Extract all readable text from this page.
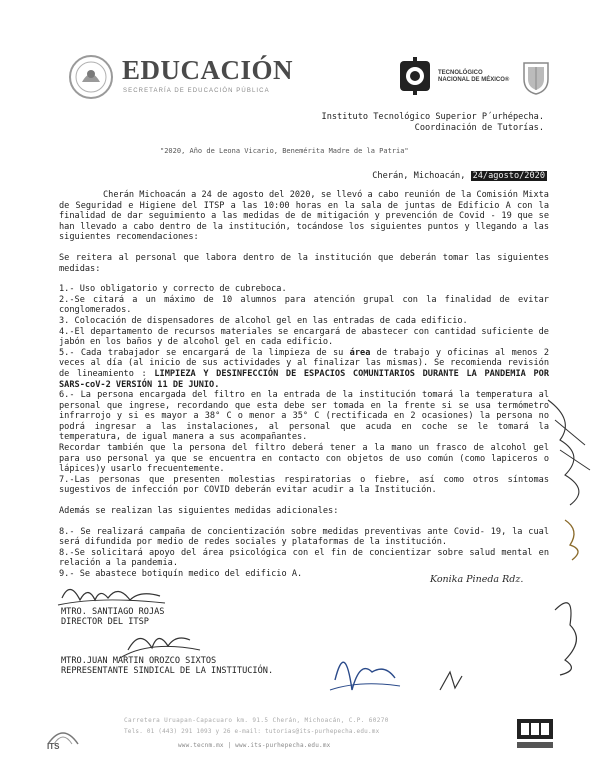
EDUCACIÓN
SECRETARÍA DE EDUCACIÓN PÚBLICA
TECNOLÓGICO
NACIONAL DE MÉXICO®
Instituto Tecnológico Superior P´urhépecha.
Coordinación de Tutorías.
"2020, Año de Leona Vicario, Benemérita Madre de la Patria"
Cherán, Michoacán, 24/agosto/2020

Cherán Michoacán a 24 de agosto del 2020, se llevó a cabo reunión de la Comisión Mixta de Seguridad e Higiene del ITSP a las 10:00 horas en la sala de juntas de Edificio A con la finalidad de dar seguimiento a las medidas de de mitigación y prevención de Covid - 19 que se han llevado a cabo dentro de la institución, tocándose los siguientes puntos y llegando a las siguientes recomendaciones:

Se reitera al personal que labora dentro de la institución que deberán tomar las siguientes medidas:

1.- Uso obligatorio y correcto de cubreboca.

2.-Se citará a un máximo de 10 alumnos para atención grupal con la finalidad de evitar conglomerados.

3. Colocación de dispensadores de alcohol gel en las entradas de cada edificio.

4.-El departamento de recursos materiales se encargará de abastecer con cantidad suficiente de jabón en los baños y de alcohol gel en cada edificio.

5.- Cada trabajador se encargará de la limpieza de su área de trabajo y oficinas al menos 2 veces al día (al inicio de sus actividades y al finalizar las mismas). Se recomienda revisión de lineamiento : LIMPIEZA Y DESINFECCIÓN DE ESPACIOS COMUNITARIOS DURANTE LA PANDEMIA POR SARS-coV-2 VERSIÓN 11 DE JUNIO.

6.- La persona encargada del filtro en la entrada de la institución tomará la temperatura al personal que ingrese, recordando que esta debe ser tomada en la frente si se usa termómetro infrarrojo y si es mayor a 38° C o menor a 35° C (rectificada en 2 ocasiones) la persona no podrá ingresar a las instalaciones, al personal que acuda en coche se le tomará la temperatura, de igual manera a sus acompañantes.

Recordar también que la persona del filtro deberá tener a la mano un frasco de alcohol gel para uso personal ya que se encuentra en contacto con objetos de uso común (como lapiceros o lápices)y usarlo frecuentemente.

7.-Las personas que presenten molestias respiratorias o fiebre, así como otros síntomas sugestivos de infección por COVID deberán evitar acudir a la Institución.

Además se realizan las siguientes medidas adicionales:

8.- Se realizará campaña de concientización sobre medidas preventivas ante Covid- 19, la cual será difundida por medio de redes sociales y plataformas de la institución.

8.-Se solicitará apoyo del área psicológica con el fin de concientizar sobre salud mental en relación a la pandemia.

9.- Se abastece botiquín medico del edificio A.	Konika Pineda Rdz.
MTRO. SANTIAGO ROJAS
DIRECTOR DEL ITSP
MTRO.JUAN MARTIN OROZCO SIXTOS
REPRESENTANTE SINDICAL DE LA INSTITUCIÓN.
ITS
Carretera Uruapan-Capacuaro km. 91.5 Cherán, Michoacán, C.P. 60270
Tels. 01 (443) 291 1093 y 26 e-mail: tutorias@its-purhepecha.edu.mx
www.tecnm.mx | www.its-purhepecha.edu.mx
